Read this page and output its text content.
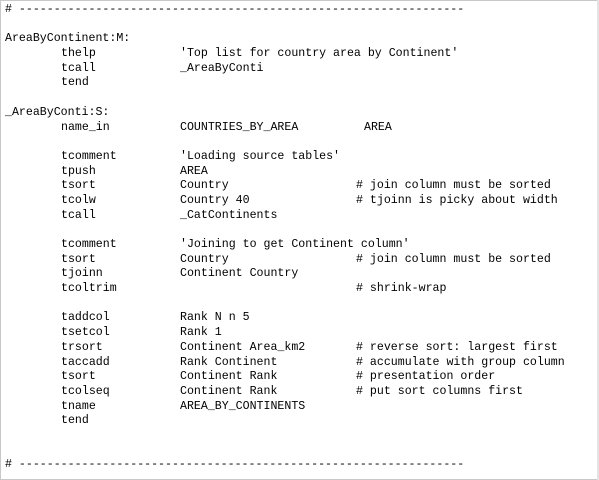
# ----------------------------------------------------------------
AreaByContinent:M:
thelp	'Top list for country area by Continent'
tcall	_AreaByConti
tend
_AreaByConti:S:
name_in	COUNTRIES_BY_AREA	AREA
tcomment	'Loading source tables'
tpush	AREA
tsort	Country	# join column must be sorted
tcolw	Country 40	# tjoinn is picky about width
tcall	_CatContinents
tcomment	'Joining to get Continent column'
tsort	Country	# join column must be sorted
tjoinn	Continent Country
tcoltrim	# shrink-wrap
taddcol	Rank N n 5
tsetcol	Rank 1
trsort	Continent Area_km2	# reverse sort: largest first
taccadd	Rank Continent	# accumulate with group column
tsort	Continent Rank	# presentation order
tcolseq	Continent Rank	# put sort columns first
tname	AREA_BY_CONTINENTS
tend
# ----------------------------------------------------------------
